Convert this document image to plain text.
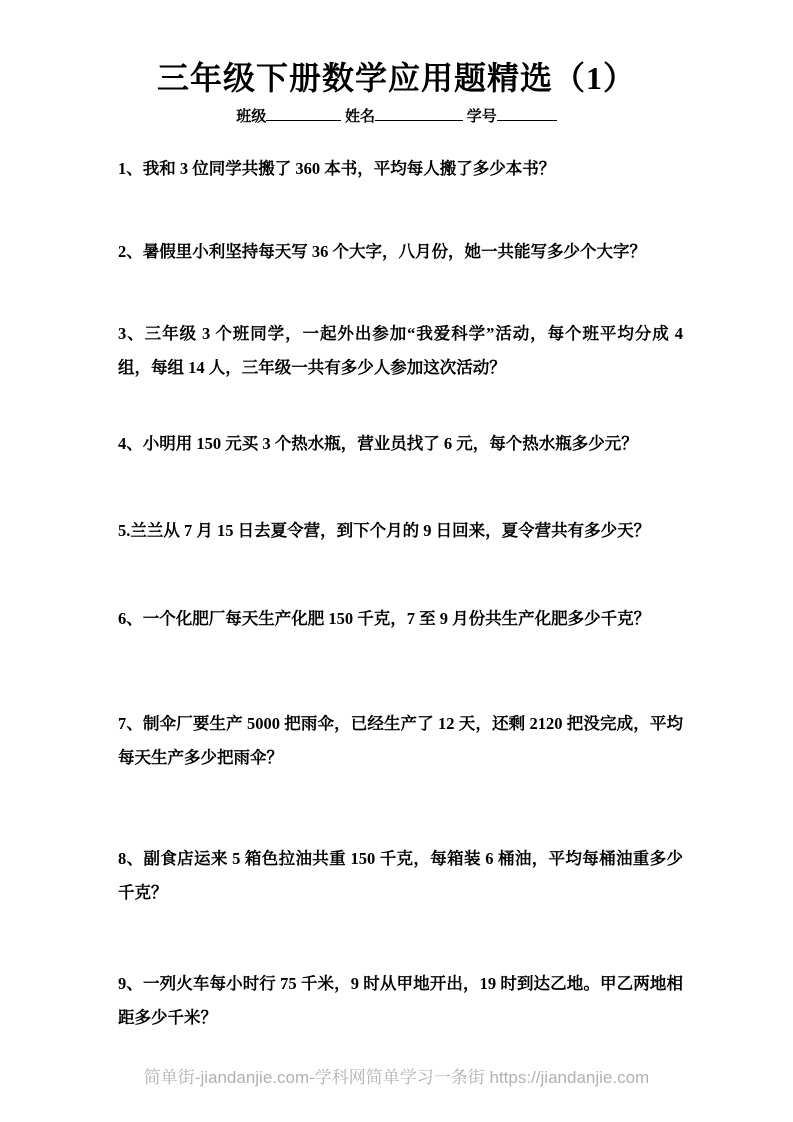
三年级下册数学应用题精选（1）
班级	姓名	学号
1、我和 3 位同学共搬了 360 本书，平均每人搬了多少本书？
2、暑假里小利坚持每天写 36 个大字，八月份，她一共能写多少个大字？
3、三年级 3 个班同学，一起外出参加“我爱科学”活动，每个班平均分成 4 组，每组 14 人，三年级一共有多少人参加这次活动？
4、小明用 150 元买 3 个热水瓶，营业员找了 6 元，每个热水瓶多少元？
5.兰兰从 7 月 15 日去夏令营，到下个月的 9 日回来，夏令营共有多少天？
6、一个化肥厂每天生产化肥 150 千克，7 至 9 月份共生产化肥多少千克？
7、制伞厂要生产 5000 把雨伞，已经生产了 12 天，还剩 2120 把没完成，平均每天生产多少把雨伞？
8、副食店运来 5 箱色拉油共重 150 千克，每箱装 6 桶油，平均每桶油重多少千克？
9、一列火车每小时行 75 千米，9 时从甲地开出，19 时到达乙地。甲乙两地相距多少千米？
简单街-jiandanjie.com-学科网简单学习一条街 https://jiandanjie.com
